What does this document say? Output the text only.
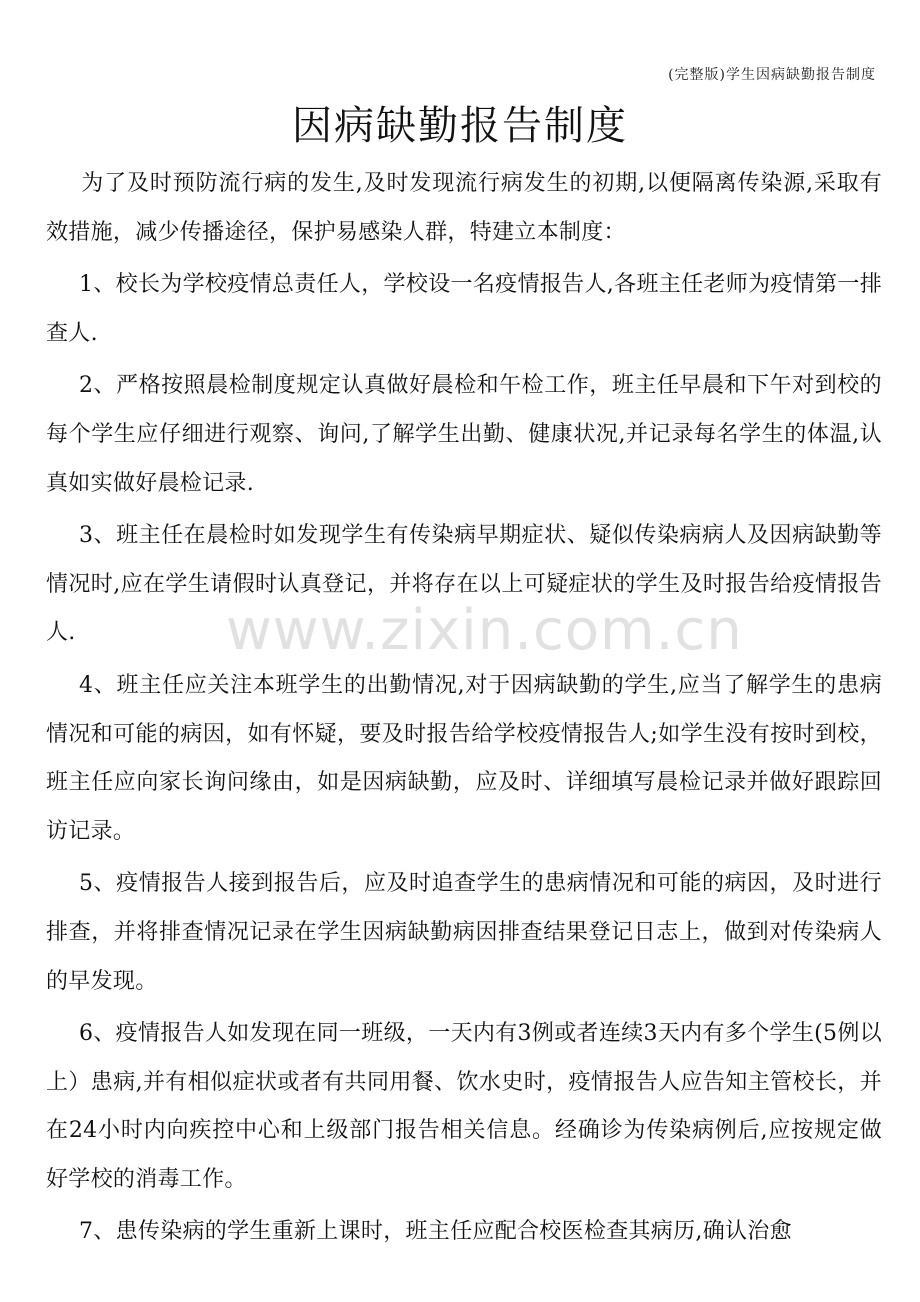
(完整版)学生因病缺勤报告制度
因病缺勤报告制度

为了及时预防流行病的发生,及时发现流行病发生的初期,以便隔离传染源,采取有效措施，减少传播途径，保护易感染人群，特建立本制度：

1、校长为学校疫情总责任人，学校设一名疫情报告人,各班主任老师为疫情第一排查人.

2、严格按照晨检制度规定认真做好晨检和午检工作，班主任早晨和下午对到校的每个学生应仔细进行观察、询问,了解学生出勤、健康状况,并记录每名学生的体温,认真如实做好晨检记录.

3、班主任在晨检时如发现学生有传染病早期症状、疑似传染病病人及因病缺勤等情况时,应在学生请假时认真登记，并将存在以上可疑症状的学生及时报告给疫情报告人.

4、班主任应关注本班学生的出勤情况,对于因病缺勤的学生,应当了解学生的患病情况和可能的病因，如有怀疑，要及时报告给学校疫情报告人;如学生没有按时到校，班主任应向家长询问缘由，如是因病缺勤，应及时、详细填写晨检记录并做好跟踪回访记录。

5、疫情报告人接到报告后，应及时追查学生的患病情况和可能的病因，及时进行排查，并将排查情况记录在学生因病缺勤病因排查结果登记日志上，做到对传染病人的早发现。

6、疫情报告人如发现在同一班级，一天内有3例或者连续3天内有多个学生(5例以上）患病,并有相似症状或者有共同用餐、饮水史时，疫情报告人应告知主管校长，并 在24小时内向疾控中心和上级部门报告相关信息。经确诊为传染病例后,应按规定做好学校的消毒工作。

7、患传染病的学生重新上课时，班主任应配合校医检查其病历,确认治愈

www.zixin.com.cn
